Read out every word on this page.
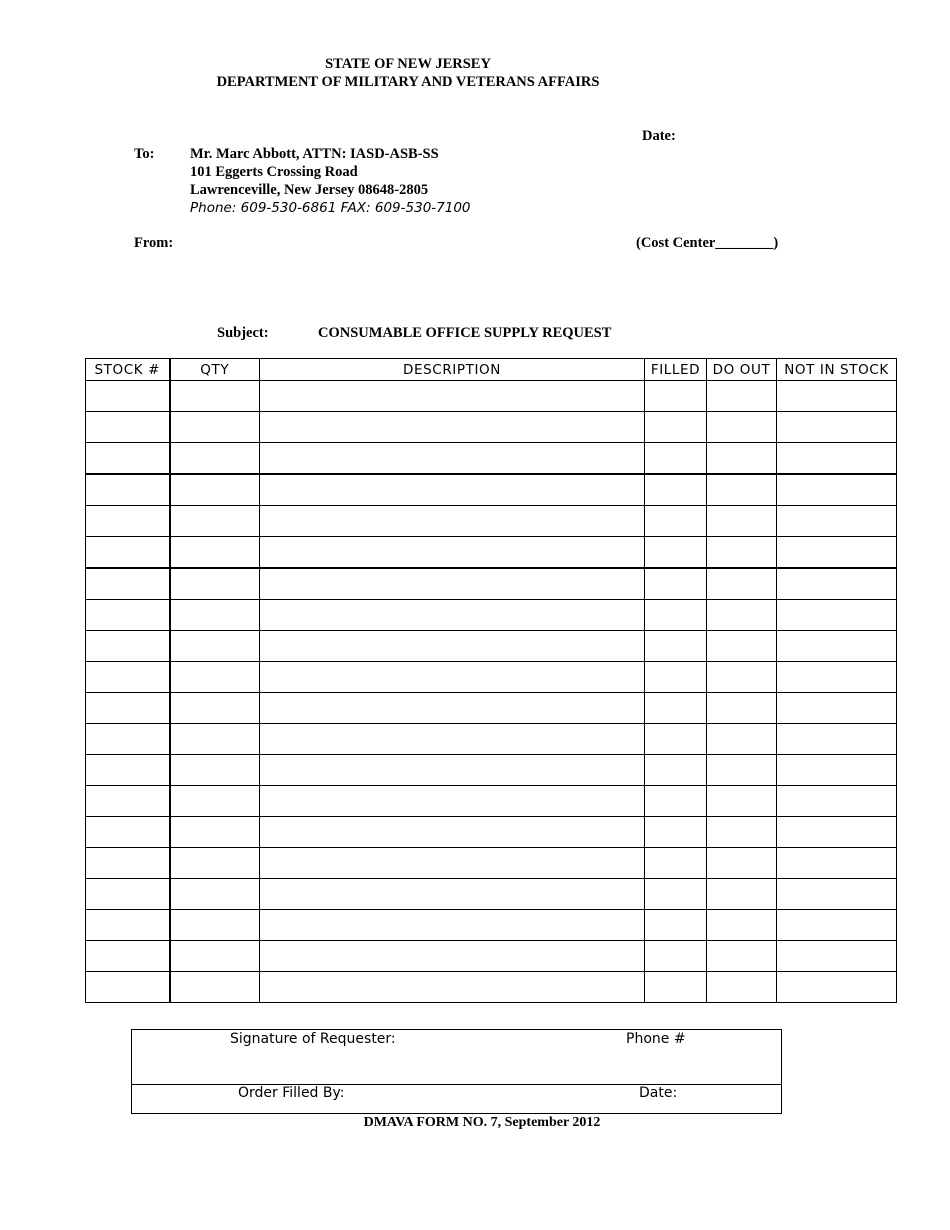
STATE OF NEW JERSEY
DEPARTMENT OF MILITARY AND VETERANS AFFAIRS
Date:
To: Mr. Marc Abbott, ATTN: IASD-ASB-SS
101 Eggerts Crossing Road
Lawrenceville, New Jersey 08648-2805
Phone: 609-530-6861 FAX: 609-530-7100
From:	(Cost Center________)
Subject:	CONSUMABLE OFFICE SUPPLY REQUEST
STOCK #	QTY	DESCRIPTION	FILLED	DO OUT	NOT IN STOCK

Signature of Requester:	Phone #
Order Filled By:	Date:
DMAVA FORM NO. 7, September 2012
